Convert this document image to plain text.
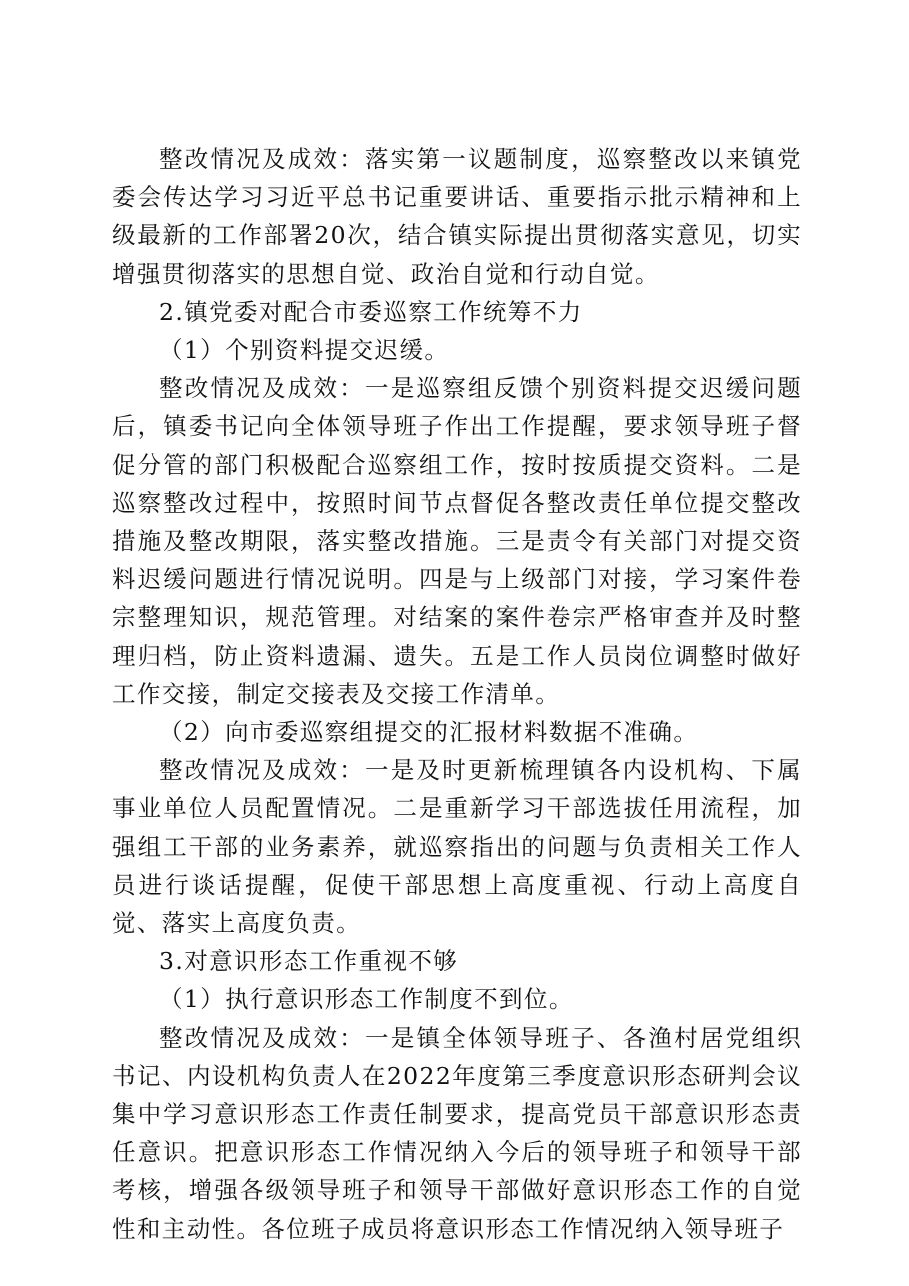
整改情况及成效：落实第一议题制度，巡察整改以来镇党委会传达学习习近平总书记重要讲话、重要指示批示精神和上级最新的工作部署20次，结合镇实际提出贯彻落实意见，切实增强贯彻落实的思想自觉、政治自觉和行动自觉。

2.镇党委对配合市委巡察工作统筹不力

（1）个别资料提交迟缓。

整改情况及成效：一是巡察组反馈个别资料提交迟缓问题后，镇委书记向全体领导班子作出工作提醒，要求领导班子督促分管的部门积极配合巡察组工作，按时按质提交资料。二是巡察整改过程中，按照时间节点督促各整改责任单位提交整改措施及整改期限，落实整改措施。三是责令有关部门对提交资料迟缓问题进行情况说明。四是与上级部门对接，学习案件卷宗整理知识，规范管理。对结案的案件卷宗严格审查并及时整理归档，防止资料遗漏、遗失。五是工作人员岗位调整时做好工作交接，制定交接表及交接工作清单。

（2）向市委巡察组提交的汇报材料数据不准确。

整改情况及成效：一是及时更新梳理镇各内设机构、下属事业单位人员配置情况。二是重新学习干部选拔任用流程，加强组工干部的业务素养，就巡察指出的问题与负责相关工作人员进行谈话提醒，促使干部思想上高度重视、行动上高度自觉、落实上高度负责。

3.对意识形态工作重视不够

（1）执行意识形态工作制度不到位。

整改情况及成效：一是镇全体领导班子、各渔村居党组织书记、内设机构负责人在2022年度第三季度意识形态研判会议集中学习意识形态工作责任制要求，提高党员干部意识形态责任意识。把意识形态工作情况纳入今后的领导班子和领导干部考核，增强各级领导班子和领导干部做好意识形态工作的自觉性和主动性。各位班子成员将意识形态工作情况纳入领导班子
